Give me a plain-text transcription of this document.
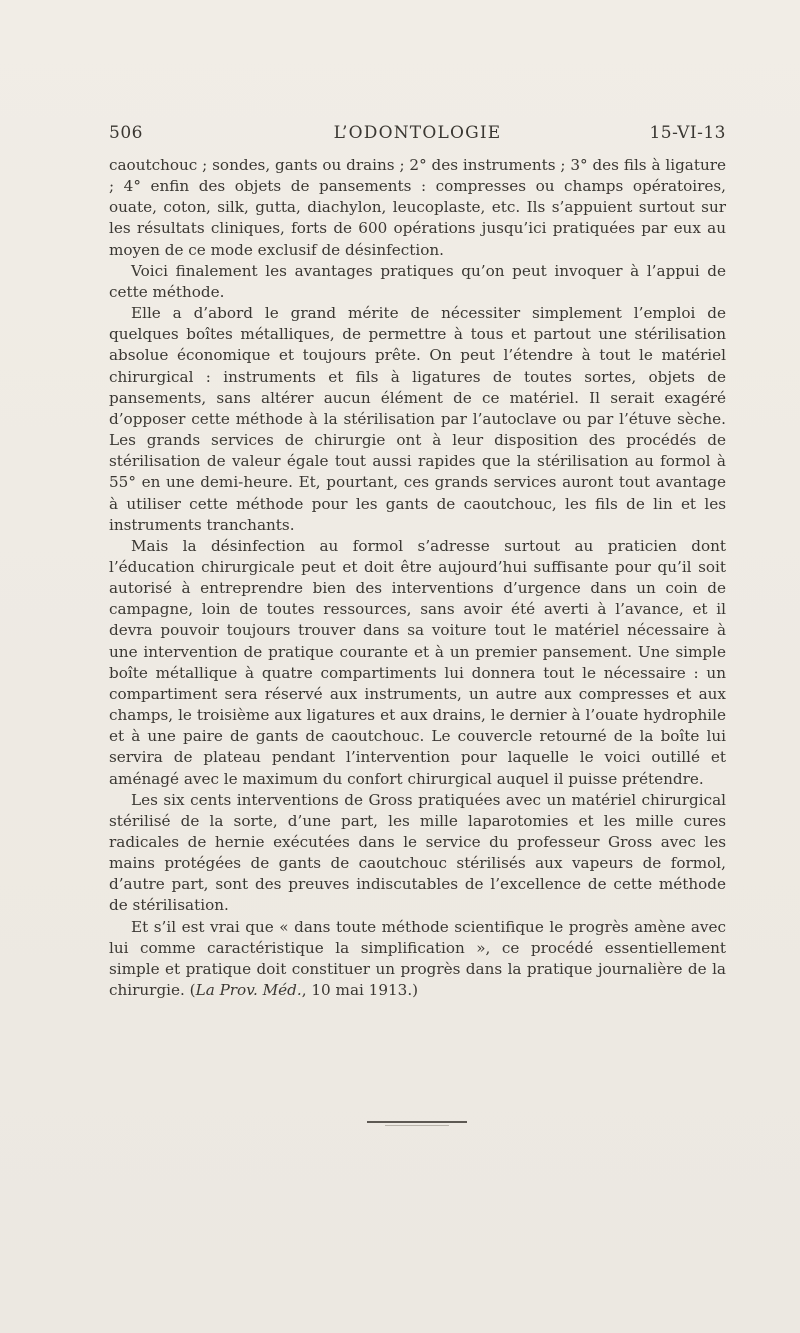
506	L’ODONTOLOGIE	15-VI-13

caoutchouc ; sondes, gants ou drains ; 2° des instruments ; 3° des fils à ligature ; 4° enfin des objets de pansements : compresses ou champs opératoires, ouate, coton, silk, gutta, diachylon, leucoplaste, etc. Ils s’appuient surtout sur les résultats cliniques, forts de 600 opérations jusqu’ici pratiquées par eux au moyen de ce mode exclusif de désinfection.

Voici finalement les avantages pratiques qu’on peut invoquer à l’appui de cette méthode.

Elle a d’abord le grand mérite de nécessiter simplement l’emploi de quelques boîtes métalliques, de permettre à tous et partout une stérilisation absolue économique et toujours prête. On peut l’étendre à tout le matériel chirurgical : instruments et fils à ligatures de toutes sortes, objets de pansements, sans altérer aucun élément de ce matériel. Il serait exagéré d’opposer cette méthode à la stérilisation par l’autoclave ou par l’étuve sèche. Les grands services de chirurgie ont à leur disposition des procédés de stérilisation de valeur égale tout aussi rapides que la stérilisation au formol à 55° en une demi-heure. Et, pourtant, ces grands services auront tout avantage à utiliser cette méthode pour les gants de caoutchouc, les fils de lin et les instruments tranchants.

Mais la désinfection au formol s’adresse surtout au praticien dont l’éducation chirurgicale peut et doit être aujourd’hui suffisante pour qu’il soit autorisé à entreprendre bien des interventions d’urgence dans un coin de campagne, loin de toutes ressources, sans avoir été averti à l’avance, et il devra pouvoir toujours trouver dans sa voiture tout le matériel nécessaire à une intervention de pratique courante et à un premier pansement. Une simple boîte métallique à quatre compartiments lui donnera tout le nécessaire : un compartiment sera réservé aux instruments, un autre aux compresses et aux champs, le troisième aux ligatures et aux drains, le dernier à l’ouate hydrophile et à une paire de gants de caoutchouc. Le couvercle retourné de la boîte lui servira de plateau pendant l’intervention pour laquelle le voici outillé et aménagé avec le maximum du confort chirurgical auquel il puisse prétendre.

Les six cents interventions de Gross pratiquées avec un matériel chirurgical stérilisé de la sorte, d’une part, les mille laparotomies et les mille cures radicales de hernie exécutées dans le service du professeur Gross avec les mains protégées de gants de caoutchouc stérilisés aux vapeurs de formol, d’autre part, sont des preuves indiscutables de l’excellence de cette méthode de stérilisation.

Et s’il est vrai que « dans toute méthode scientifique le progrès amène avec lui comme caractéristique la simplification », ce procédé essentiellement simple et pratique doit constituer un progrès dans la pratique journalière de la chirurgie. (La Prov. Méd., 10 mai 1913.)
